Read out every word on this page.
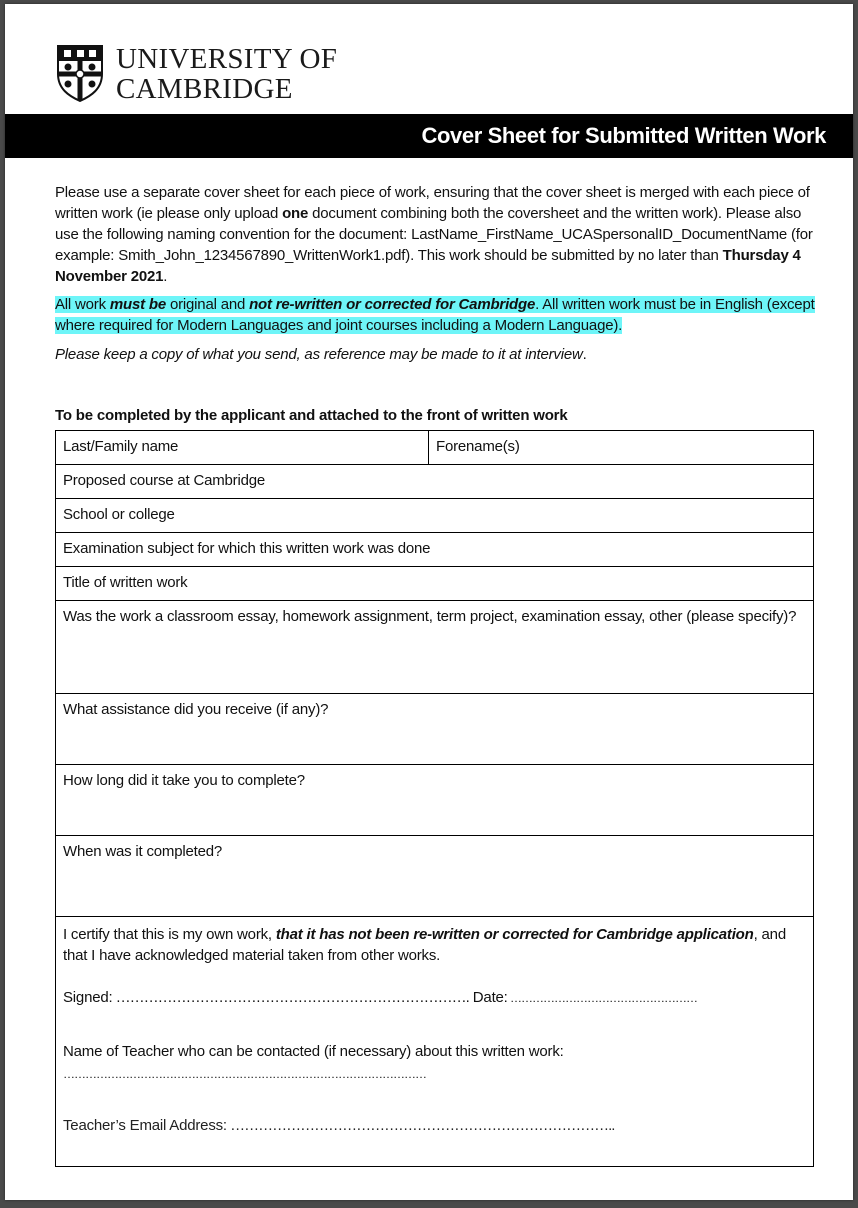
UNIVERSITY OF
CAMBRIDGE
Cover Sheet for Submitted Written Work

Please use a separate cover sheet for each piece of work, ensuring that the cover sheet is merged with each piece of written work (ie please only upload one document combining both the coversheet and the written work). Please also use the following naming convention for the document: LastName_FirstName_UCASpersonalID_DocumentName (for example: Smith_John_1234567890_WrittenWork1.pdf). This work should be submitted by no later than Thursday 4 November 2021.

All work must be original and not re-written or corrected for Cambridge. All written work must be in English (except where required for Modern Languages and joint courses including a Modern Language).

Please keep a copy of what you send, as reference may be made to it at interview.

To be completed by the applicant and attached to the front of written work
Last/Family name	Forename(s)
Proposed course at Cambridge
School or college
Examination subject for which this written work was done
Title of written work
Was the work a classroom essay, homework assignment, term project, examination essay, other (please specify)?
What assistance did you receive (if any)?
How long did it take you to complete?
When was it completed?

I certify that this is my own work, that it has not been re-written or corrected for Cambridge application, and that I have acknowledged material taken from other works.
Signed: …………………………………………………………………. Date: ……………………………………………
Name of Teacher who can be contacted (if necessary) about this written work:
………………………………………………………………………………………
Teacher’s Email Address: ………………………………………………………………………..
